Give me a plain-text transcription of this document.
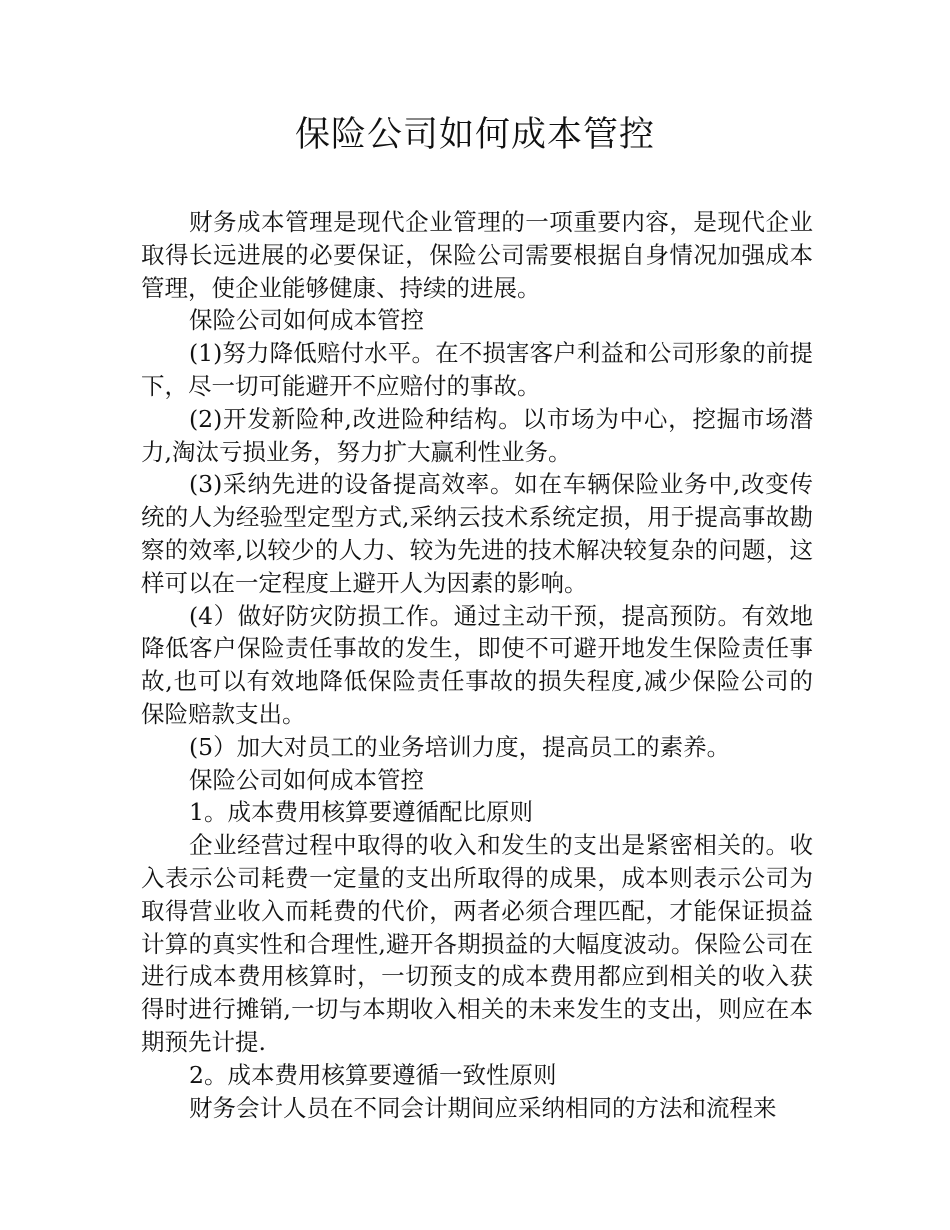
保险公司如何成本管控

财务成本管理是现代企业管理的一项重要内容，是现代企业取得长远进展的必要保证，保险公司需要根据自身情况加强成本管理，使企业能够健康、持续的进展。

保险公司如何成本管控

(1)努力降低赔付水平。在不损害客户利益和公司形象的前提下，尽一切可能避开不应赔付的事故。

(2)开发新险种,改进险种结构。以市场为中心，挖掘市场潜力,淘汰亏损业务，努力扩大赢利性业务。

(3)采纳先进的设备提高效率。如在车辆保险业务中,改变传统的人为经验型定型方式,采纳云技术系统定损，用于提高事故勘察的效率,以较少的人力、较为先进的技术解决较复杂的问题，这样可以在一定程度上避开人为因素的影响。

(4）做好防灾防损工作。通过主动干预，提高预防。有效地降低客户保险责任事故的发生，即使不可避开地发生保险责任事故,也可以有效地降低保险责任事故的损失程度,减少保险公司的保险赔款支出。

(5）加大对员工的业务培训力度，提高员工的素养。

保险公司如何成本管控

1。成本费用核算要遵循配比原则

企业经营过程中取得的收入和发生的支出是紧密相关的。收入表示公司耗费一定量的支出所取得的成果，成本则表示公司为取得营业收入而耗费的代价，两者必须合理匹配，才能保证损益计算的真实性和合理性,避开各期损益的大幅度波动。保险公司在进行成本费用核算时，一切预支的成本费用都应到相关的收入获得时进行摊销,一切与本期收入相关的未来发生的支出，则应在本期预先计提.

2。成本费用核算要遵循一致性原则

财务会计人员在不同会计期间应采纳相同的方法和流程来
